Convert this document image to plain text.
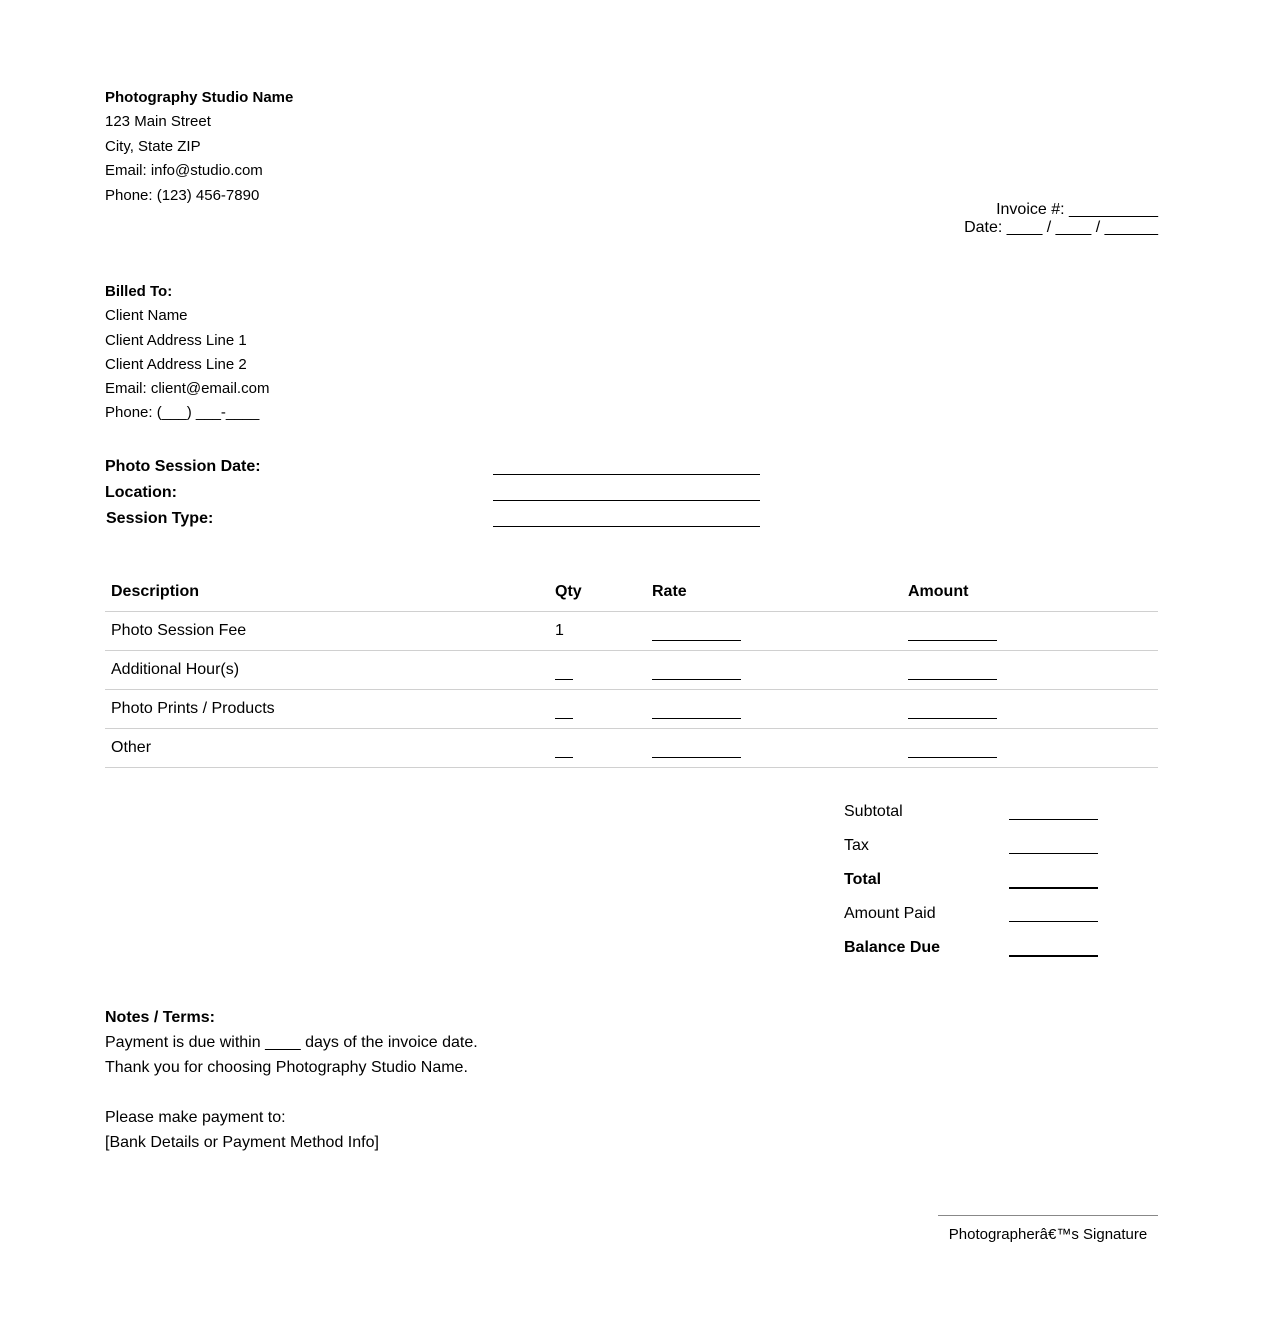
Photography Studio Name
123 Main Street
City, State ZIP
Email: info@studio.com
Phone: (123) 456-7890
Invoice #: __________
Date: ____ / ____ / ______
Billed To:
Client Name
Client Address Line 1
Client Address Line 2
Email: client@email.com
Phone: (___) ___-____
Photo Session Date:
Location:
Session Type:
Description	Qty	Rate	Amount
Photo Session Fee	1		
Additional Hour(s)			
Photo Prints / Products			
Other			
Subtotal
Tax
Total
Amount Paid
Balance Due
Notes / Terms:
Payment is due within ____ days of the invoice date.
Thank you for choosing Photography Studio Name.
Please make payment to:
[Bank Details or Payment Method Info]
Photographerâ€™s Signature
